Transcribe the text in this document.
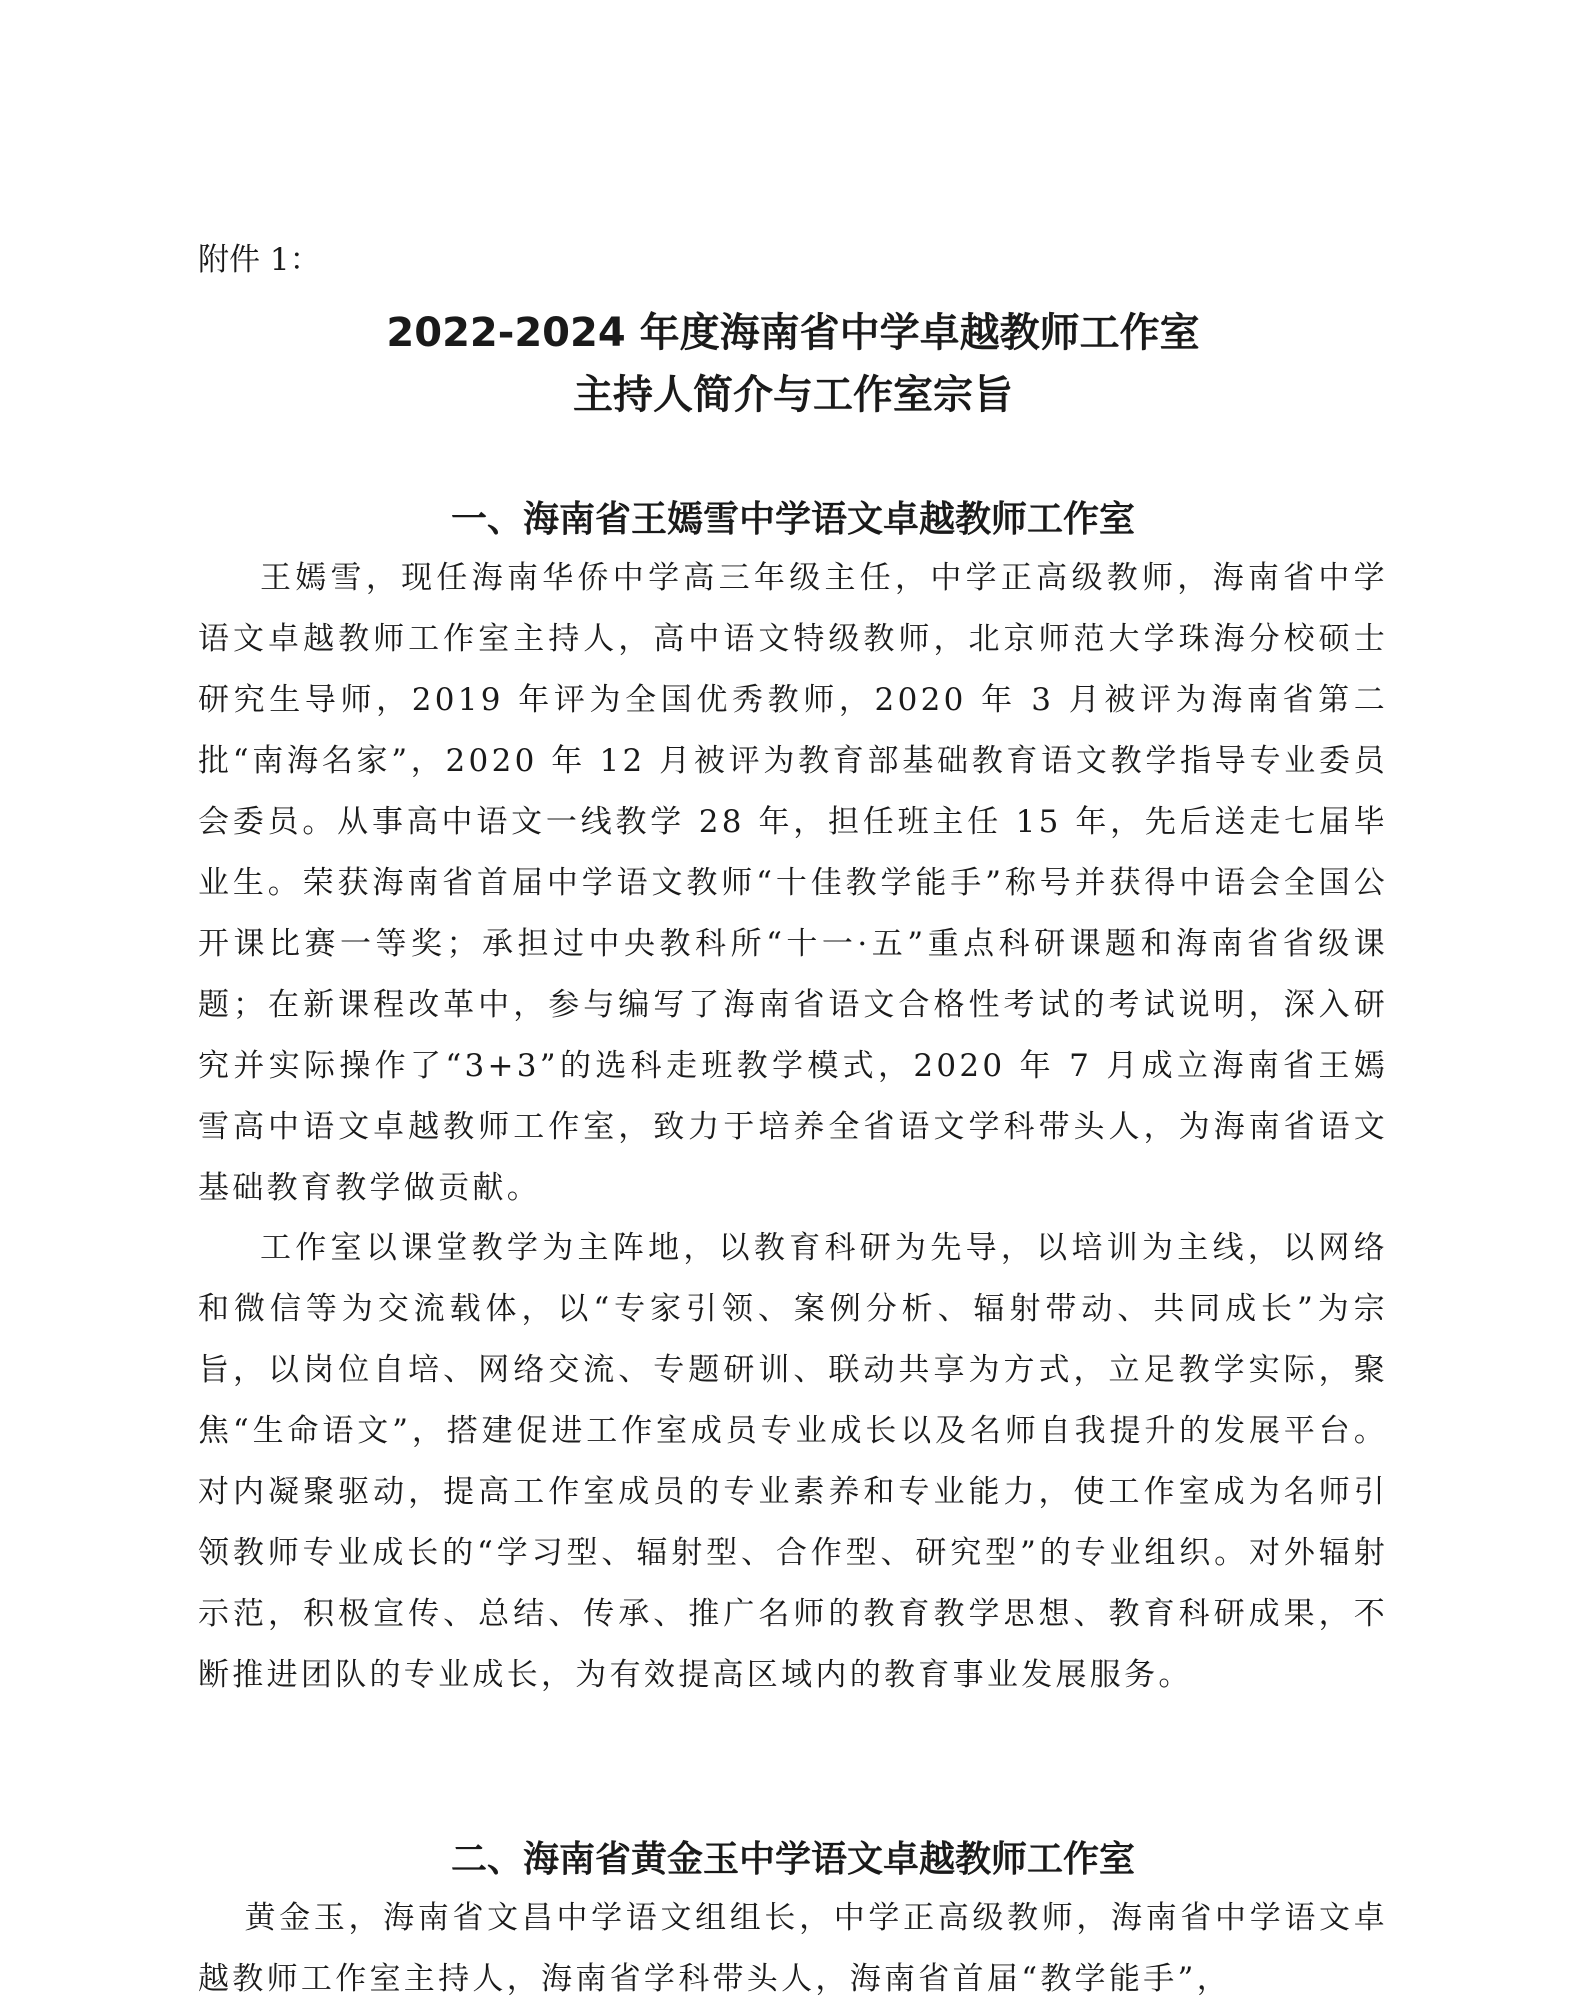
附件 1：

2022-2024 年度海南省中学卓越教师工作室
主持人简介与工作室宗旨
一、海南省王嫣雪中学语文卓越教师工作室

王嫣雪，现任海南华侨中学高三年级主任，中学正高级教师，海南省中学语文卓越教师工作室主持人，高中语文特级教师，北京师范大学珠海分校硕士研究生导师，2019 年评为全国优秀教师，2020 年 3 月被评为海南省第二批“南海名家”，2020 年 12 月被评为教育部基础教育语文教学指导专业委员会委员。从事高中语文一线教学 28 年，担任班主任 15 年，先后送走七届毕业生。荣获海南省首届中学语文教师“十佳教学能手”称号并获得中语会全国公开课比赛一等奖；承担过中央教科所“十一·五”重点科研课题和海南省省级课题；在新课程改革中，参与编写了海南省语文合格性考试的考试说明，深入研究并实际操作了“3+3”的选科走班教学模式，2020 年 7 月成立海南省王嫣雪高中语文卓越教师工作室，致力于培养全省语文学科带头人，为海南省语文基础教育教学做贡献。

工作室以课堂教学为主阵地，以教育科研为先导，以培训为主线，以网络和微信等为交流载体，以“专家引领、案例分析、辐射带动、共同成长”为宗旨，以岗位自培、网络交流、专题研训、联动共享为方式，立足教学实际，聚焦“生命语文”，搭建促进工作室成员专业成长以及名师自我提升的发展平台。对内凝聚驱动，提高工作室成员的专业素养和专业能力，使工作室成为名师引领教师专业成长的“学习型、辐射型、合作型、研究型”的专业组织。对外辐射示范，积极宣传、总结、传承、推广名师的教育教学思想、教育科研成果，不断推进团队的专业成长，为有效提高区域内的教育事业发展服务。

二、海南省黄金玉中学语文卓越教师工作室

黄金玉，海南省文昌中学语文组组长，中学正高级教师，海南省中学语文卓越教师工作室主持人，海南省学科带头人，海南省首届“教学能手”，
